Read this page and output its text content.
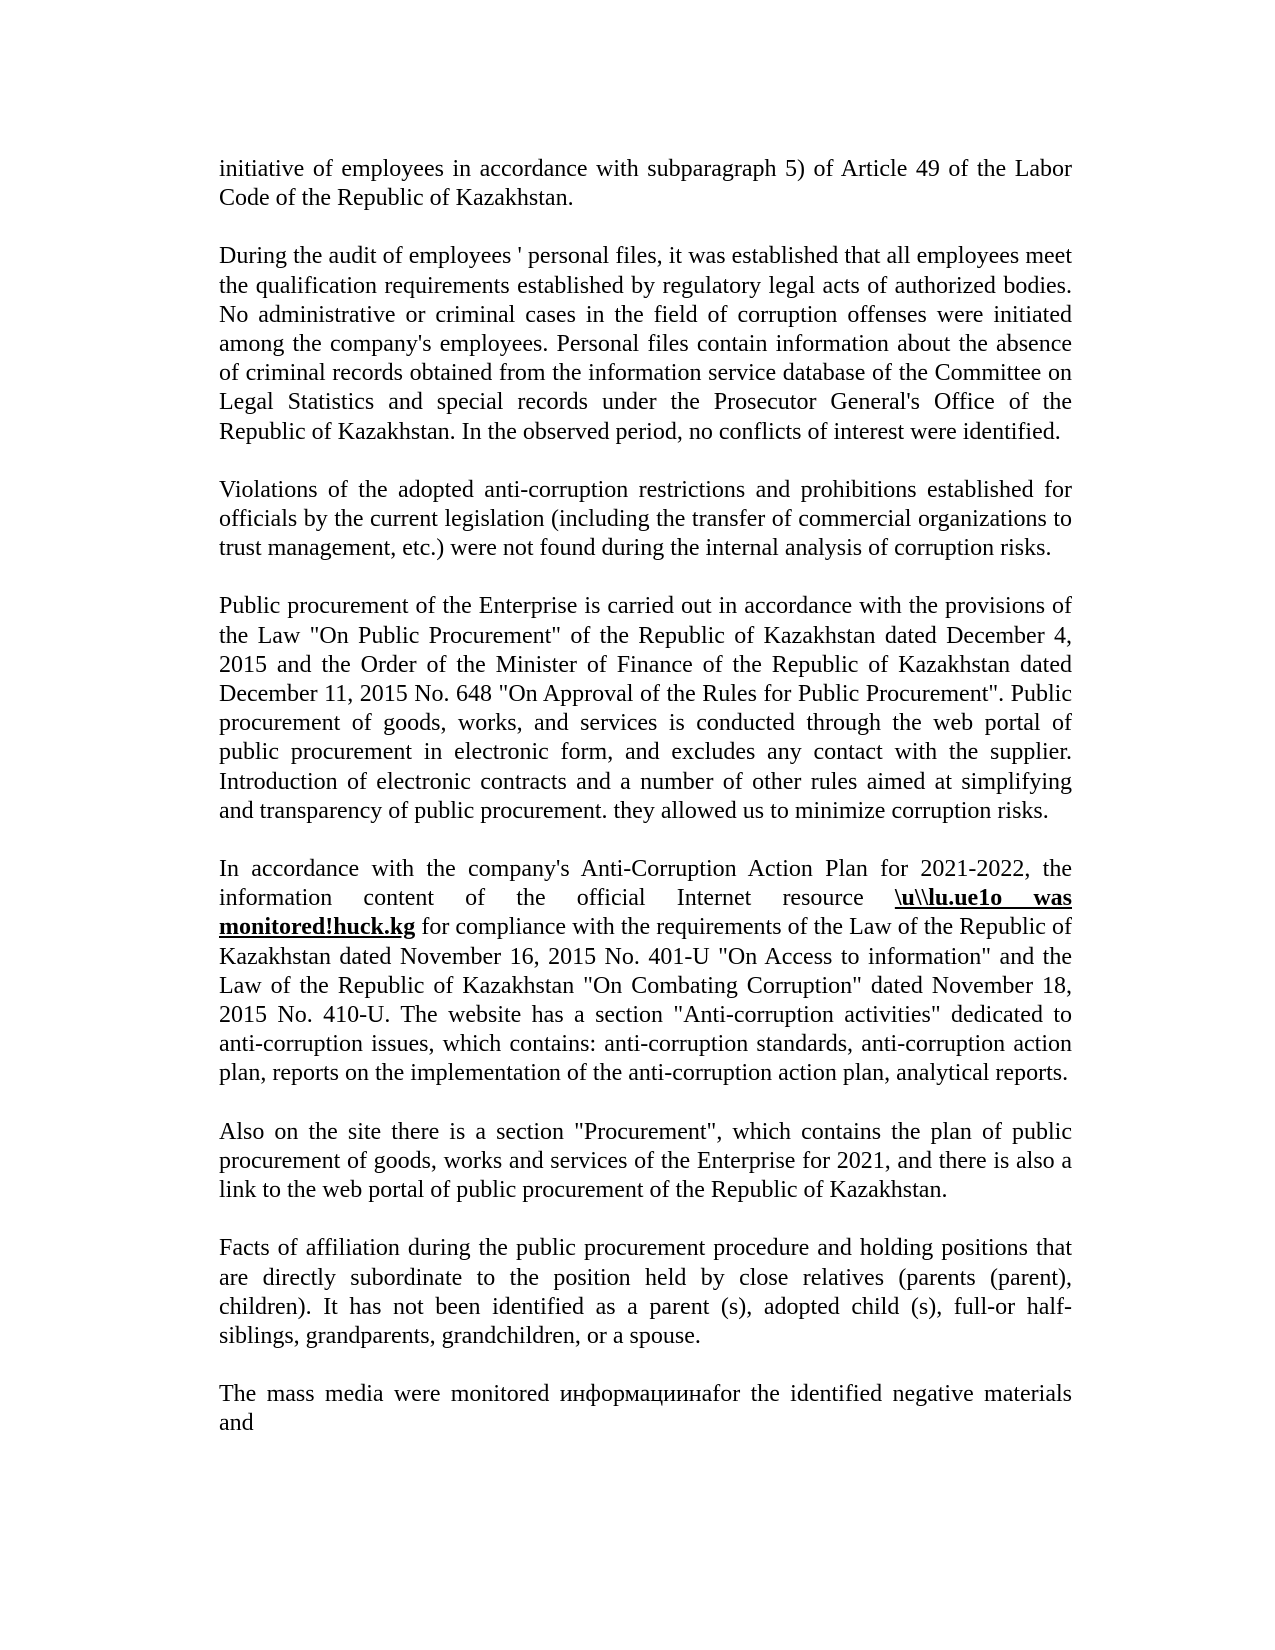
initiative of employees in accordance with subparagraph 5) of Article 49 of the Labor Code of the Republic of Kazakhstan.

During the audit of employees ' personal files, it was established that all employees meet the qualification requirements established by regulatory legal acts of authorized bodies. No administrative or criminal cases in the field of corruption offenses were initiated among the company's employees. Personal files contain information about the absence of criminal records obtained from the information service database of the Committee on Legal Statistics and special records under the Prosecutor General's Office of the Republic of Kazakhstan. In the observed period, no conflicts of interest were identified.

Violations of the adopted anti-corruption restrictions and prohibitions established for officials by the current legislation (including the transfer of commercial organizations to trust management, etc.) were not found during the internal analysis of corruption risks.

Public procurement of the Enterprise is carried out in accordance with the provisions of the Law "On Public Procurement" of the Republic of Kazakhstan dated December 4, 2015 and the Order of the Minister of Finance of the Republic of Kazakhstan dated December 11, 2015 No. 648 "On Approval of the Rules for Public Procurement". Public procurement of goods, works, and services is conducted through the web portal of public procurement in electronic form, and excludes any contact with the supplier. Introduction of electronic contracts and a number of other rules aimed at simplifying and transparency of public procurement. they allowed us to minimize corruption risks.

In accordance with the company's Anti-Corruption Action Plan for 2021-2022, the information content of the official Internet resource \u\\lu.ue1o was monitored!huck.kg for compliance with the requirements of the Law of the Republic of Kazakhstan dated November 16, 2015 No. 401-U "On Access to information" and the Law of the Republic of Kazakhstan "On Combating Corruption" dated November 18, 2015 No. 410-U. The website has a section "Anti-corruption activities" dedicated to anti-corruption issues, which contains: anti-corruption standards, anti-corruption action plan, reports on the implementation of the anti-corruption action plan, analytical reports.

Also on the site there is a section "Procurement", which contains the plan of public procurement of goods, works and services of the Enterprise for 2021, and there is also a link to the web portal of public procurement of the Republic of Kazakhstan.

Facts of affiliation during the public procurement procedure and holding positions that are directly subordinate to the position held by close relatives (parents (parent), children). It has not been identified as a parent (s), adopted child (s), full-or half-siblings, grandparents, grandchildren, or a spouse.

The mass media were monitored информациинаfor the identified negative materials and
